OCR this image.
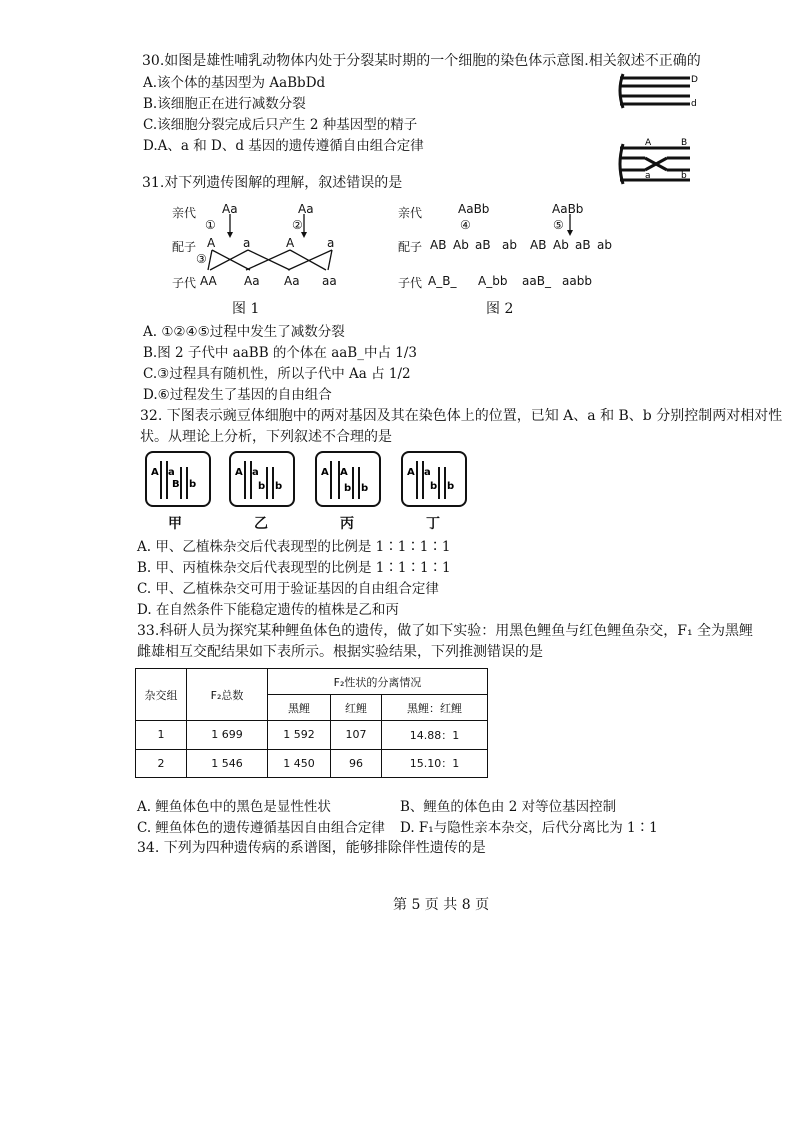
30.如图是雄性哺乳动物体内处于分裂某时期的一个细胞的染色体示意图.相关叙述不正确的
A.该个体的基因型为 AaBbDd
B.该细胞正在进行减数分裂
C.该细胞分裂完成后只产生 2 种基因型的精子
D.A、a 和 D、d 基因的遗传遵循自由组合定律
D
d
A	B
a	b
31.对下列遗传图解的理解，叙述错误的是
亲代 Aa	Aa
①	②
配子 A a	A	a
③
子代 AA Aa Aa aa
图 1
亲代	AaBb	AaBb
④	⑤
配子 AB Ab aB ab AB Ab aB ab
子代 A_B_ A_bb aaB_ aabb
图 2
A. ①②④⑤过程中发生了减数分裂
B.图 2 子代中 aaBB 的个体在 aaB_中占 1/3
C.③过程具有随机性，所以子代中 Aa 占 1/2
D.⑥过程发生了基因的自由组合
32. 下图表示豌豆体细胞中的两对基因及其在染色体上的位置，已知 A、a 和 B、b 分别控制两对相对性
状。从理论上分析，下列叙述不合理的是
A a
B b
A a
b b
A A
b b
A a
b b
甲	乙	丙	丁
A. 甲、乙植株杂交后代表现型的比例是 1∶1∶1∶1
B. 甲、丙植株杂交后代表现型的比例是 1∶1∶1∶1
C. 甲、乙植株杂交可用于验证基因的自由组合定律
D. 在自然条件下能稳定遗传的植株是乙和丙
33.科研人员为探究某种鲤鱼体色的遗传，做了如下实验：用黑色鲤鱼与红色鲤鱼杂交，F₁ 全为黑鲤
雌雄相互交配结果如下表所示。根据实验结果，下列推测错误的是
杂交组	F₂总数	F₂性状的分离情况		
		黑鲤	红鲤	黑鲤：红鲤
1	1 699	1 592	107	14.88：1
2	1 546	1 450	96	15.10：1
A. 鲤鱼体色中的黑色是显性性状	B、鲤鱼的体色由 2 对等位基因控制
C. 鲤鱼体色的遗传遵循基因自由组合定律 D. F₁与隐性亲本杂交，后代分离比为 1∶1
34. 下列为四种遗传病的系谱图，能够排除伴性遗传的是
第 5 页 共 8 页
